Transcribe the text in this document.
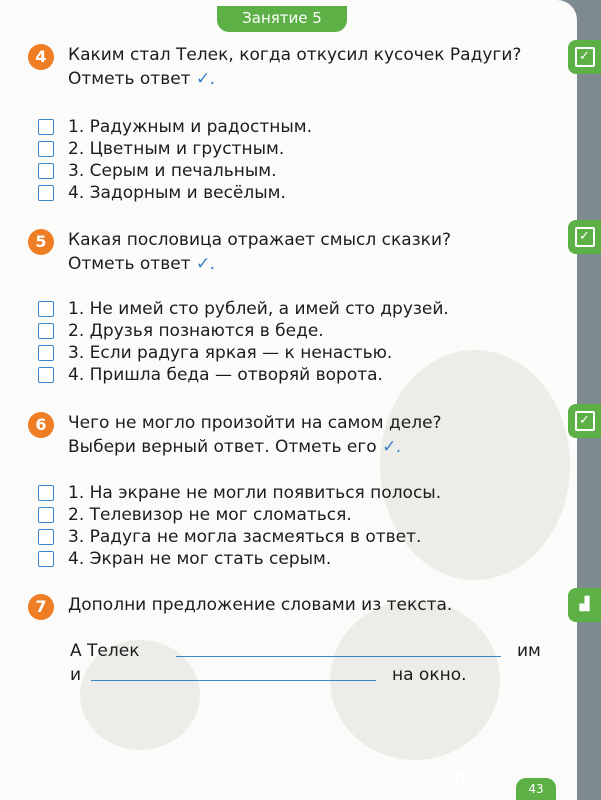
Занятие 5
4	Каким стал Телек, когда откусил кусочек Радуги?
Отметь ответ ✓.
1. Радужным и радостным.
2. Цветным и грустным.
3. Серым и печальным.
4. Задорным и весёлым.
5	Какая пословица отражает смысл сказки?
Отметь ответ ✓.
1. Не имей сто рублей, а имей сто друзей.
2. Друзья познаются в беде.
3. Если радуга яркая — к ненастью.
4. Пришла беда — отворяй ворота.
6	Чего не могло произойти на самом деле?
Выбери верный ответ. Отметь его ✓.
1. На экране не могли появиться полосы.
2. Телевизор не мог сломаться.
3. Радуга не могла засмеяться в ответ.
4. Экран не мог стать серым.
7	Дополни предложение словами из текста.
А Телек	им
и	на окно.
43
✓
✓
✓
▟
Л
